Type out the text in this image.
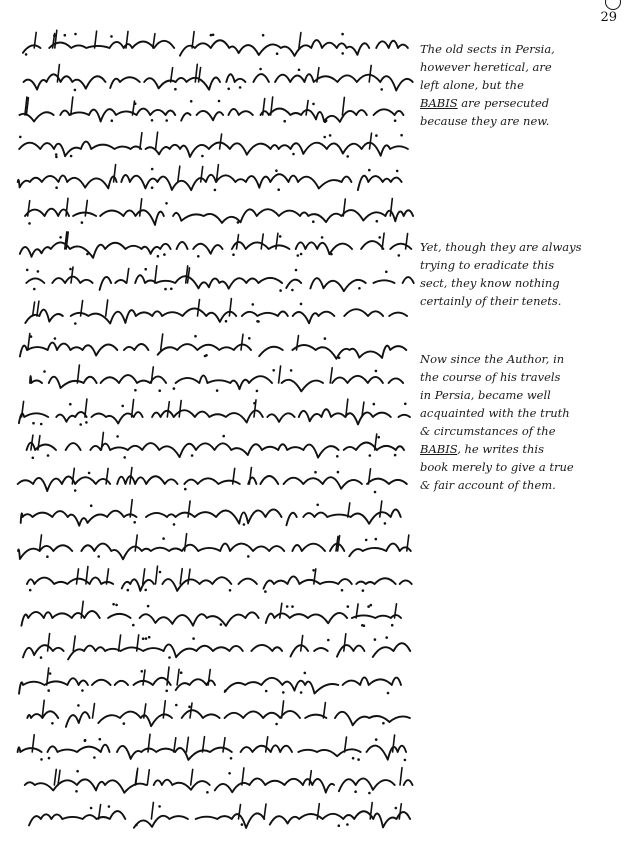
29
The old sects in Persia,
however heretical, are
left alone, but the
BABIS are persecuted
because they are new.
Yet, though they are always
trying to eradicate this
sect, they know nothing
certainly of their tenets.
Now since the Author, in
the course of his travels
in Persia, became well
acquainted with the truth
& circumstances of the
BABIS, he writes this
book merely to give a true
& fair account of them.
